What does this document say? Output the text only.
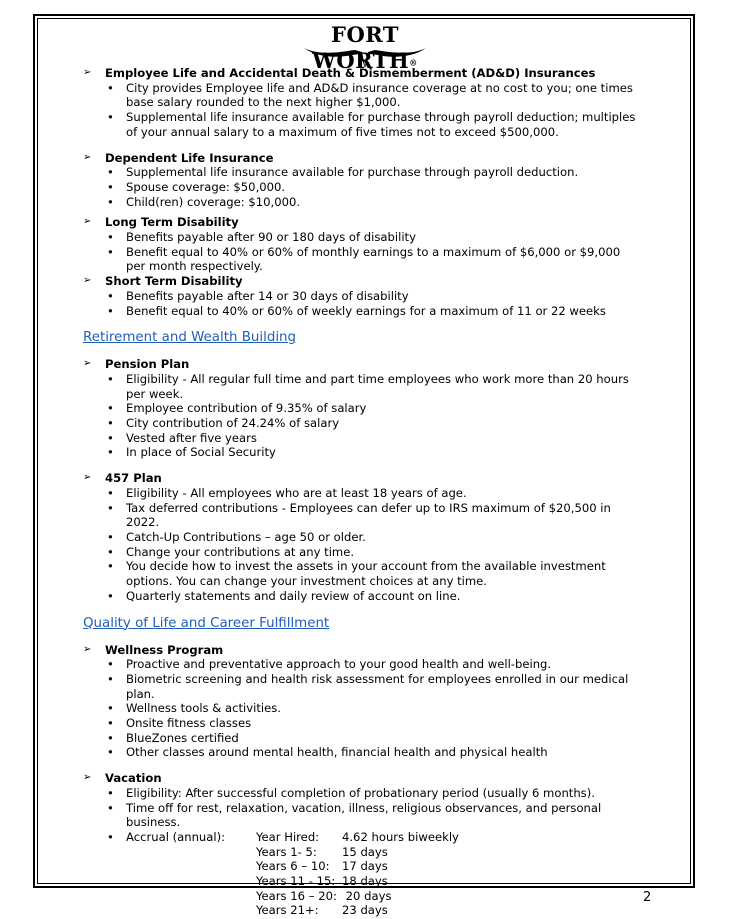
FORT WORTH®
➢	Employee Life and Accidental Death & Dismemberment (AD&D) Insurances
• City provides Employee life and AD&D insurance coverage at no cost to you; one times base salary rounded to the next higher $1,000.
• Supplemental life insurance available for purchase through payroll deduction; multiples of your annual salary to a maximum of five times not to exceed $500,000.
➢	Dependent Life Insurance
• Supplemental life insurance available for purchase through payroll deduction.
• Spouse coverage: $50,000.
• Child(ren) coverage: $10,000.
➢	Long Term Disability
• Benefits payable after 90 or 180 days of disability
• Benefit equal to 40% or 60% of monthly earnings to a maximum of $6,000 or $9,000 per month respectively.
➢	Short Term Disability
• Benefits payable after 14 or 30 days of disability
• Benefit equal to 40% or 60% of weekly earnings for a maximum of 11 or 22 weeks
Retirement and Wealth Building
➢	Pension Plan
• Eligibility - All regular full time and part time employees who work more than 20 hours per week.
• Employee contribution of 9.35% of salary
• City contribution of 24.24% of salary
• Vested after five years
• In place of Social Security
➢	457 Plan
• Eligibility - All employees who are at least 18 years of age.
• Tax deferred contributions - Employees can defer up to IRS maximum of $20,500 in 2022.
• Catch-Up Contributions – age 50 or older.
• Change your contributions at any time.
• You decide how to invest the assets in your account from the available investment options. You can change your investment choices at any time.
• Quarterly statements and daily review of account on line.
Quality of Life and Career Fulfillment
➢	Wellness Program
• Proactive and preventative approach to your good health and well-being.
• Biometric screening and health risk assessment for employees enrolled in our medical plan.
• Wellness tools & activities.
• Onsite fitness classes
• BlueZones certified
• Other classes around mental health, financial health and physical health
➢	Vacation
• Eligibility: After successful completion of probationary period (usually 6 months).
• Time off for rest, relaxation, vacation, illness, religious observances, and personal business.
• Accrual (annual):	Year Hired:	4.62 hours biweekly
Years 1- 5:	15 days
Years 6 – 10:	17 days
Years 11 - 15: 18 days
Years 16 – 20: 20 days
Years 21+:	23 days
2
